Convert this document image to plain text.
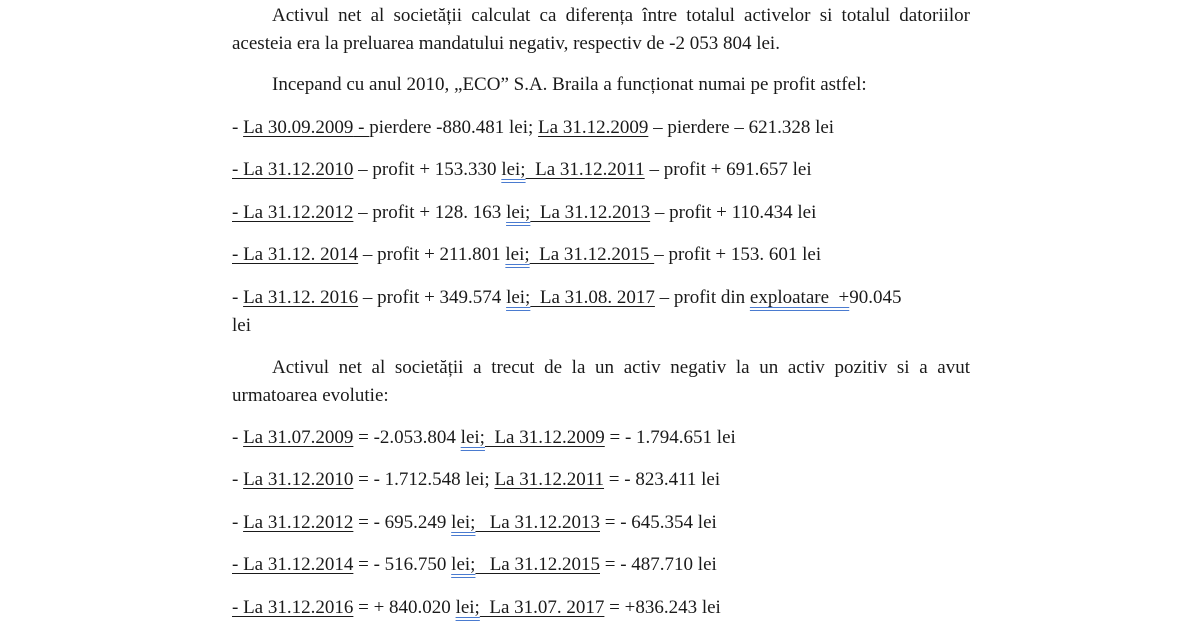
Activul net al societății calculat ca diferența între totalul activelor si totalul datoriilor acesteia era la preluarea mandatului negativ, respectiv de -2 053 804 lei.

Incepand cu anul 2010, „ECO” S.A. Braila a funcționat numai pe profit astfel:

- La 30.09.2009 - pierdere -880.481 lei; La 31.12.2009 – pierdere – 621.328 lei

- La 31.12.2010 – profit + 153.330 lei;  La 31.12.2011 – profit + 691.657 lei

- La 31.12.2012 – profit + 128. 163 lei;  La 31.12.2013 – profit + 110.434 lei

- La 31.12. 2014 – profit + 211.801 lei;  La 31.12.2015 – profit + 153. 601 lei

- La 31.12. 2016 – profit + 349.574 lei;  La 31.08. 2017 – profit din exploatare  +90.045

lei

Activul net al societății a trecut de la un activ negativ la un activ pozitiv si a avut urmatoarea evolutie:

- La 31.07.2009 = -2.053.804 lei;  La 31.12.2009 = - 1.794.651 lei

- La 31.12.2010 = - 1.712.548 lei; La 31.12.2011 = - 823.411 lei

- La 31.12.2012 = - 695.249 lei;   La 31.12.2013 = - 645.354 lei

- La 31.12.2014 = - 516.750 lei;   La 31.12.2015 = - 487.710 lei

- La 31.12.2016 = + 840.020 lei;  La 31.07. 2017 = +836.243 lei
